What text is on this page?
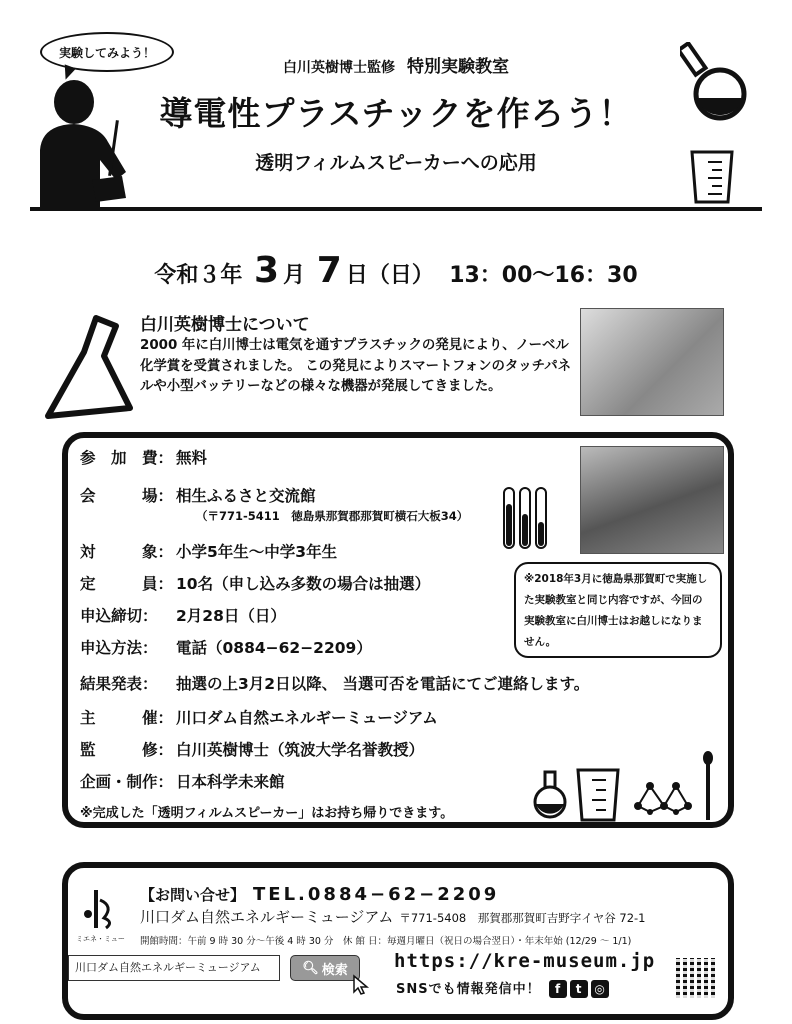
実験してみよう！
白川英樹博士監修 特別実験教室
導電性プラスチックを作ろう！
透明フィルムスピーカーへの応用
令和３年 3 月 7 日（日） 13：00〜16：30
白川英樹博士について
2000 年に白川博士は電気を通すプラスチックの発見により、ノーベル化学賞を受賞されました。 この発見によりスマートフォンのタッチパネルや小型バッテリーなどの様々な機器が発展してきました。
参　加　費： 無料
会　　　場： 相生ふるさと交流館
（〒771-5411　徳島県那賀郡那賀町横石大板34）
対　　　象： 小学5年生〜中学3年生
定　　　員： 10名（申し込み多数の場合は抽選）
申込締切： 2月28日（日）
申込方法： 電話（0884−62−2209）
結果発表： 抽選の上3月2日以降、 当選可否を電話にてご連絡します。
主　　　催： 川口ダム自然エネルギーミュージアム
監　　　修： 白川英樹博士（筑波大学名誉教授）
企画・制作： 日本科学未来館
※完成した「透明フィルムスピーカー」はお持ち帰りできます。
※2018年3月に徳島県那賀町で実施した実験教室と同じ内容ですが、今回の実験教室に白川博士はお越しになりません。
ミエネ・ミュー
【お問い合せ】 TEL.0884−62−2209
川口ダム自然エネルギーミュージアム 〒771-5408　那賀郡那賀町吉野字イヤ谷 72-1
開館時間：午前 9 時 30 分〜午後 4 時 30 分　休 館 日：毎週月曜日（祝日の場合翌日）・年末年始 (12/29 〜 1/1)
川口ダム自然エネルギーミュージアム	🔍︎ 検索 https://kre-museum.jp
SNSでも情報発信中！ f t ◎
